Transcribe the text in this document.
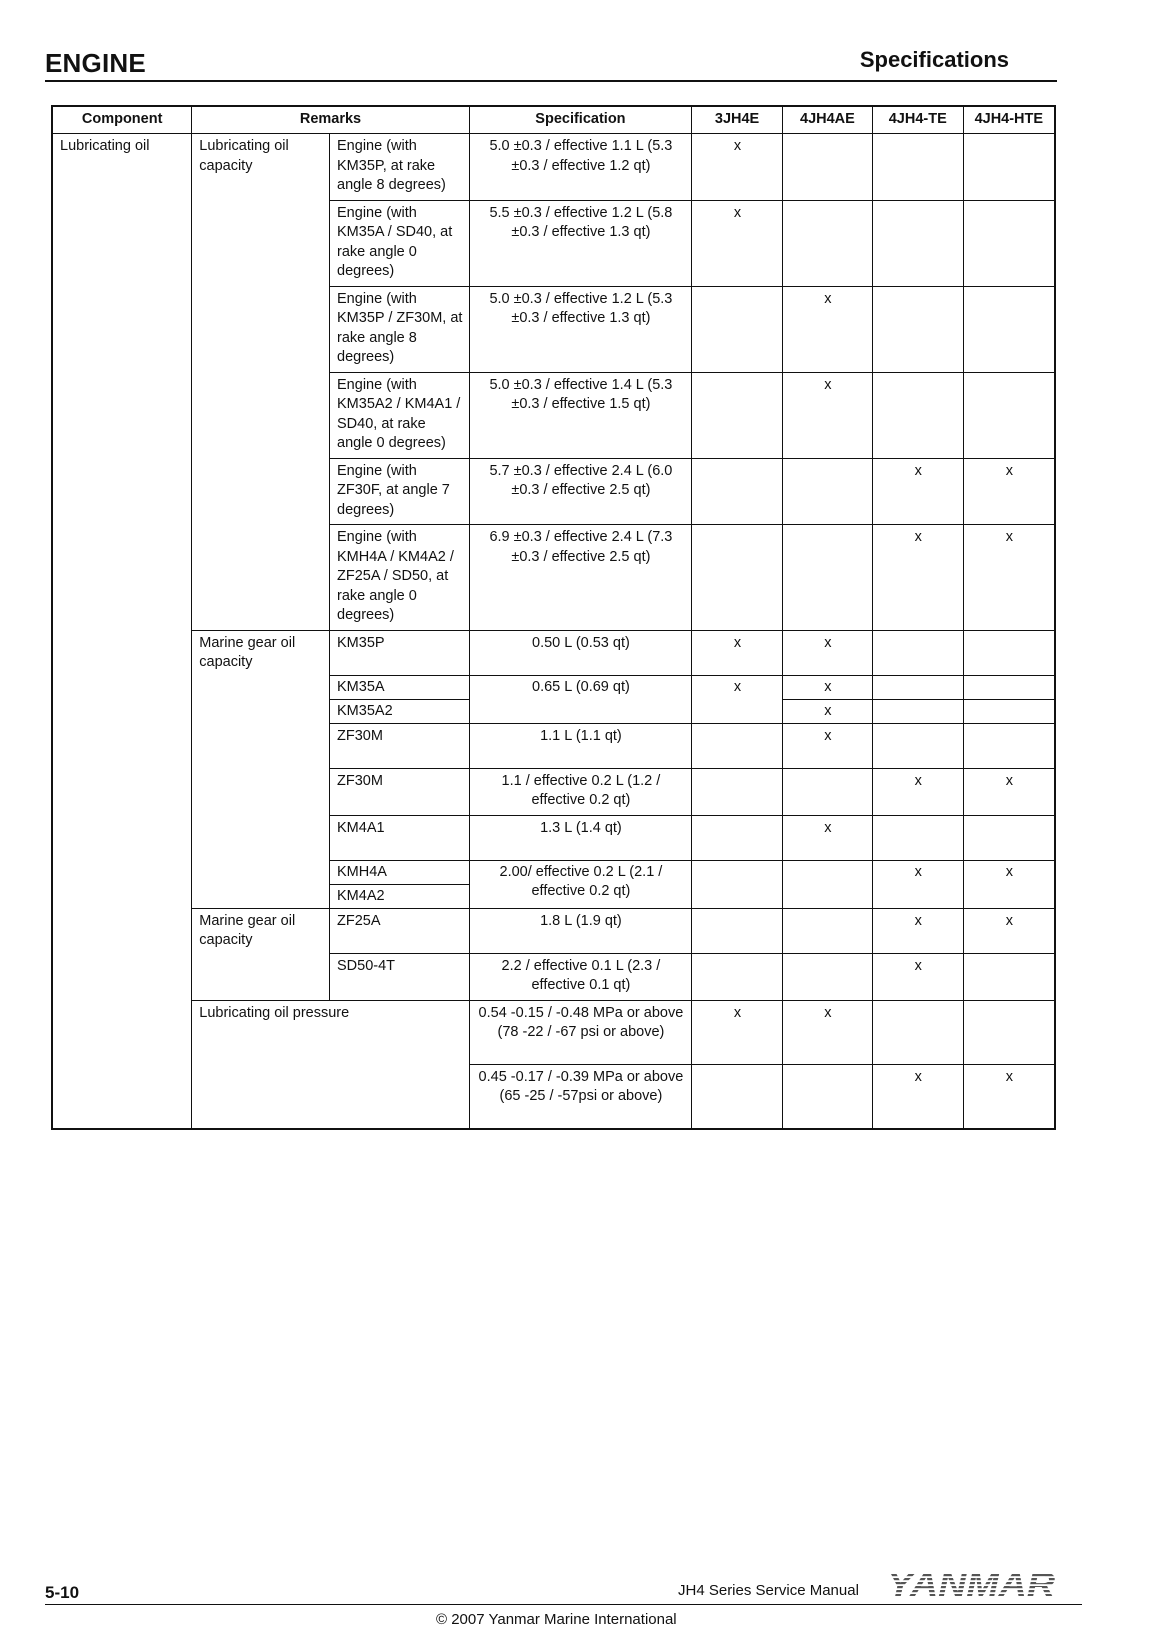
ENGINE	Specifications
Component	Remarks		Specification	3JH4E	4JH4AE	4JH4-TE	4JH4-HTE
Lubricating oil	Lubricating oil capacity	Engine (with KM35P, at rake angle 8 degrees)	5.0 ±0.3 / effective 1.1 L (5.3 ±0.3 / effective 1.2 qt)	x			
		Engine (with KM35A / SD40, at rake angle 0 degrees)	5.5 ±0.3 / effective 1.2 L (5.8 ±0.3 / effective 1.3 qt)	x			
		Engine (with KM35P / ZF30M, at rake angle 8 degrees)	5.0 ±0.3 / effective 1.2 L (5.3 ±0.3 / effective 1.3 qt)		x		
		Engine (with KM35A2 / KM4A1 / SD40, at rake angle 0 degrees)	5.0 ±0.3 / effective 1.4 L (5.3 ±0.3 / effective 1.5 qt)		x		
		Engine (with ZF30F, at angle 7 degrees)	5.7 ±0.3 / effective 2.4 L (6.0 ±0.3 / effective 2.5 qt)			x	x
		Engine (with KMH4A / KM4A2 / ZF25A / SD50, at rake angle 0 degrees)	6.9 ±0.3 / effective 2.4 L (7.3 ±0.3 / effective 2.5 qt)			x	x
	Marine gear oil capacity	KM35P	0.50 L (0.53 qt)	x	x		
		KM35A	0.65 L (0.69 qt)	x	x		
		KM35A2			x		
		ZF30M	1.1 L (1.1 qt)		x		
		ZF30M	1.1 / effective 0.2 L (1.2 / effective 0.2 qt)			x	x
		KM4A1	1.3 L (1.4 qt)		x		
		KMH4A	2.00/ effective 0.2 L (2.1 / effective 0.2 qt)			x	x
		KM4A2					
	Marine gear oil capacity	ZF25A	1.8 L (1.9 qt)			x	x
		SD50-4T	2.2 / effective 0.1 L (2.3 / effective 0.1 qt)			x	
	Lubricating oil pressure		0.54 -0.15 / -0.48 MPa or above (78 -22 / -67 psi or above)	x	x		
			0.45 -0.17 / -0.39 MPa or above (65 -25 / -57psi or above)			x	x
5-10	JH4 Series Service Manual YANMAR
© 2007 Yanmar Marine International
